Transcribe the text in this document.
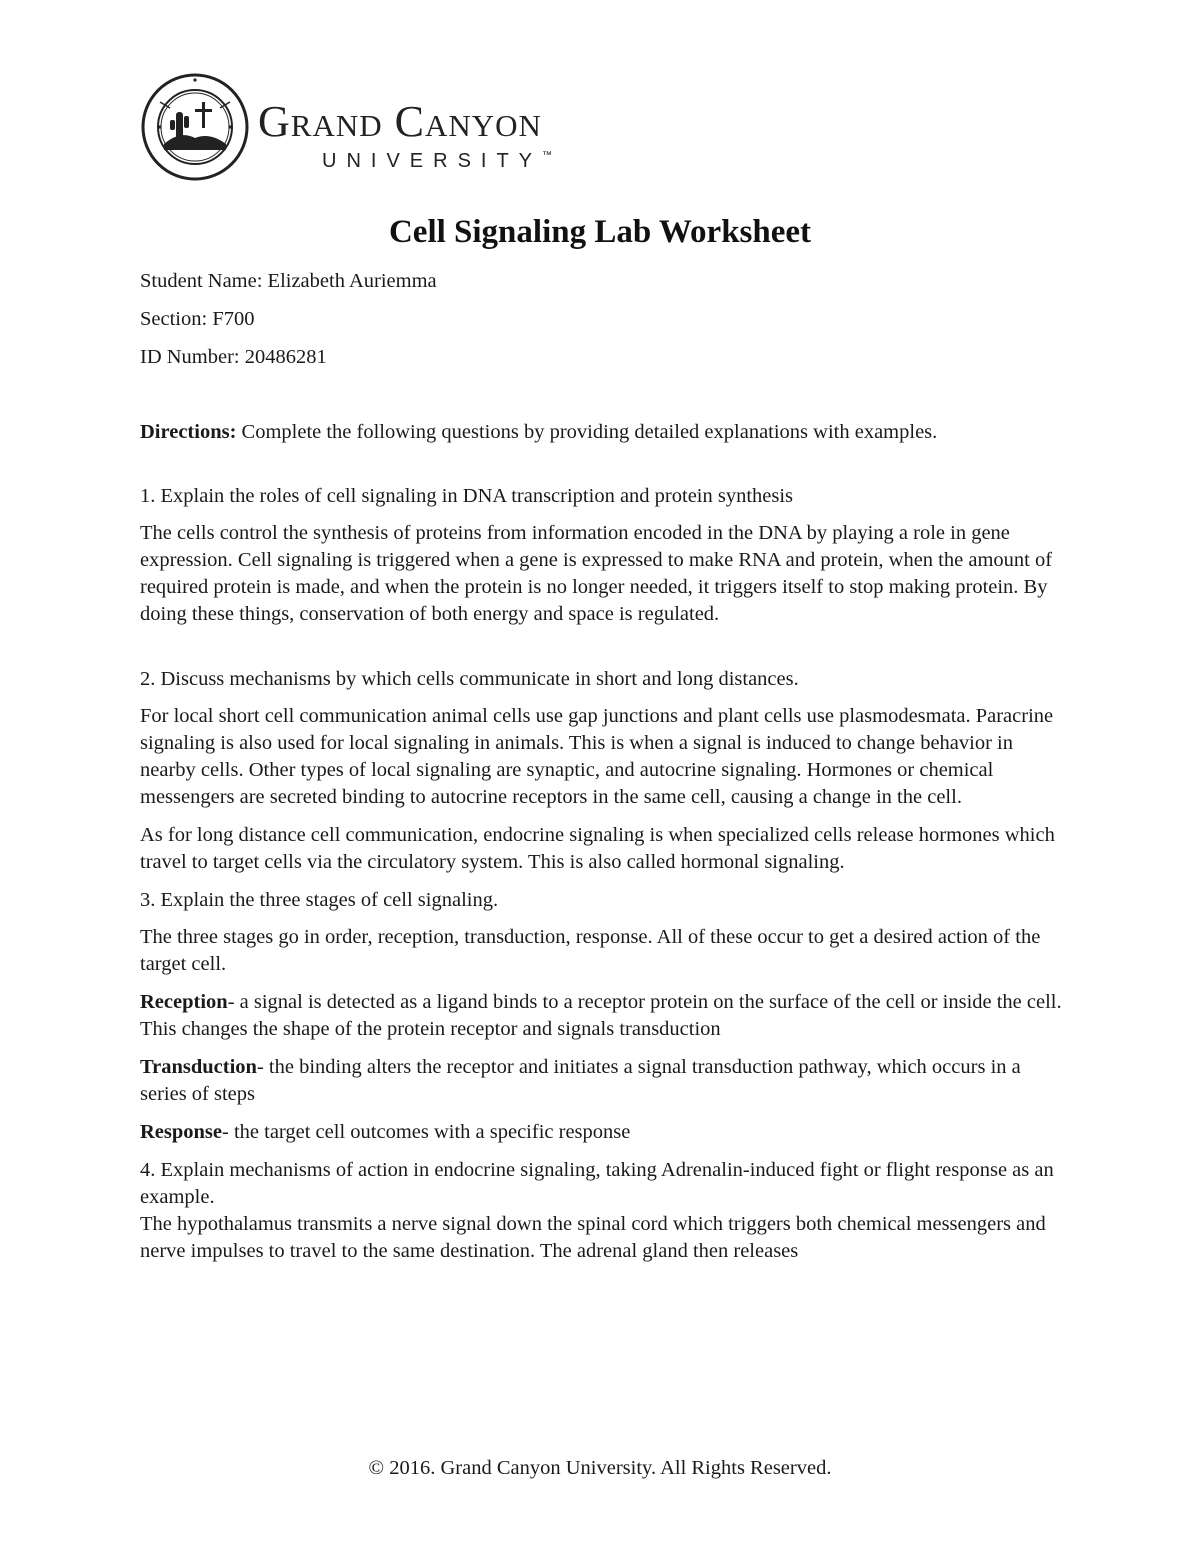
Grand Canyon
UNIVERSITY™
Cell Signaling Lab Worksheet

Student Name: Elizabeth Auriemma

Section: F700

ID Number: 20486281

Directions: Complete the following questions by providing detailed explanations with examples.

1. Explain the roles of cell signaling in DNA transcription and protein synthesis

The cells control the synthesis of proteins from information encoded in the DNA by playing a role in gene expression. Cell signaling is triggered when a gene is expressed to make RNA and protein, when the amount of required protein is made, and when the protein is no longer needed, it triggers itself to stop making protein. By doing these things, conservation of both energy and space is regulated.

2. Discuss mechanisms by which cells communicate in short and long distances.

For local short cell communication animal cells use gap junctions and plant cells use plasmodesmata. Paracrine signaling is also used for local signaling in animals. This is when a signal is induced to change behavior in nearby cells. Other types of local signaling are synaptic, and autocrine signaling. Hormones or chemical messengers are secreted binding to autocrine receptors in the same cell, causing a change in the cell.

As for long distance cell communication, endocrine signaling is when specialized cells release hormones which travel to target cells via the circulatory system. This is also called hormonal signaling.

3. Explain the three stages of cell signaling.

The three stages go in order, reception, transduction, response. All of these occur to get a desired action of the target cell.

Reception- a signal is detected as a ligand binds to a receptor protein on the surface of the cell or inside the cell. This changes the shape of the protein receptor and signals transduction

Transduction- the binding alters the receptor and initiates a signal transduction pathway, which occurs in a series of steps

Response- the target cell outcomes with a specific response

4. Explain mechanisms of action in endocrine signaling, taking Adrenalin-induced fight or flight response as an example.

The hypothalamus transmits a nerve signal down the spinal cord which triggers both chemical messengers and nerve impulses to travel to the same destination. The adrenal gland then releases

© 2016. Grand Canyon University. All Rights Reserved.
